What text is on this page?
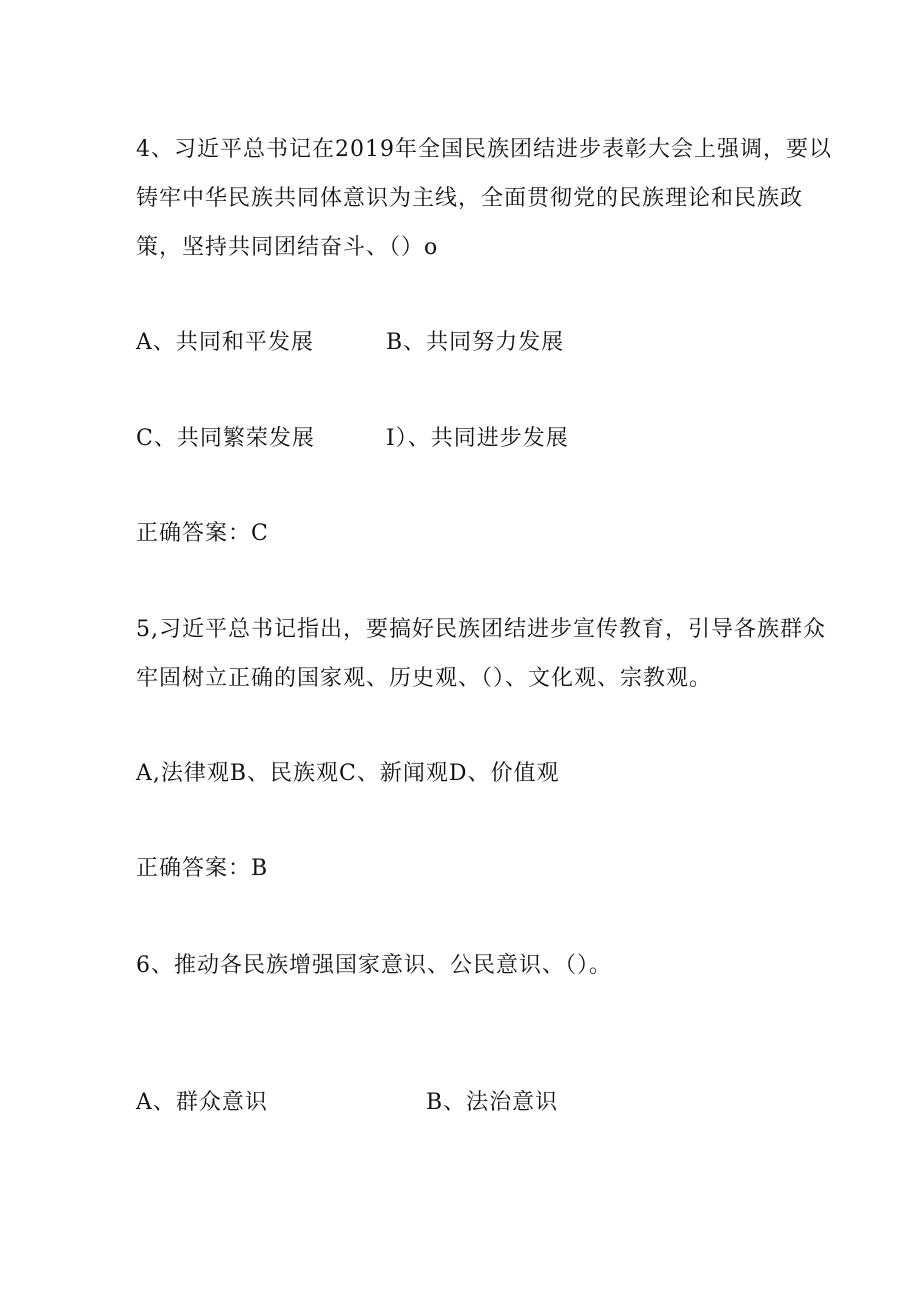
4、习近平总书记在2019年全国民族团结进步表彰大会上强调，要以
铸牢中华民族共同体意识为主线，全面贯彻党的民族理论和民族政
策，坚持共同团结奋斗、（）o
A、共同和平发展	B、共同努力发展
C、共同繁荣发展	I）、共同进步发展
正确答案：C
5,习近平总书记指出，要搞好民族团结进步宣传教育，引导各族群众
牢固树立正确的国家观、历史观、（）、文化观、宗教观。
A,法律观B、民族观C、新闻观D、价值观
正确答案：B
6、推动各民族增强国家意识、公民意识、（）。
A、群众意识	B、法治意识
